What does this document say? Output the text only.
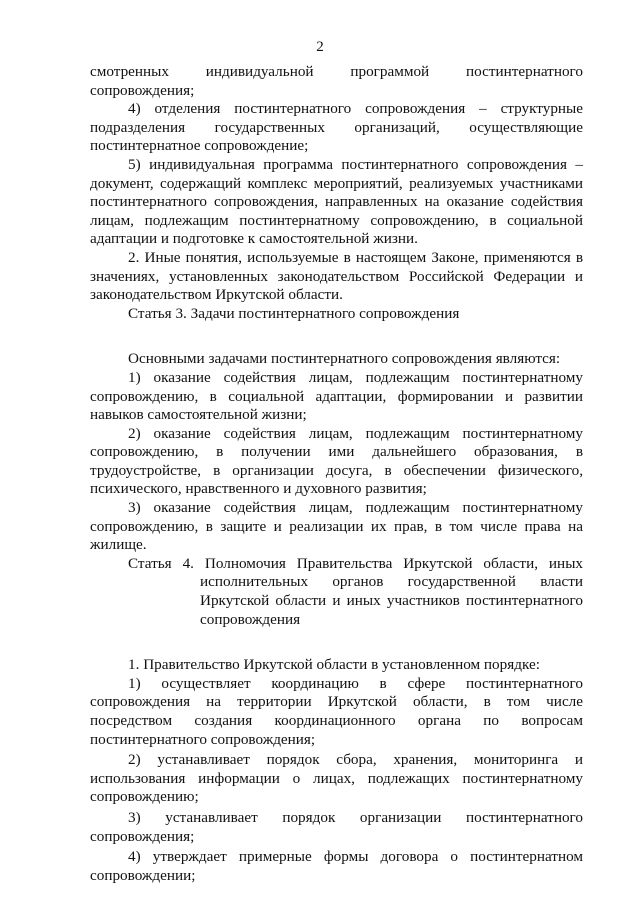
2

смотренных индивидуальной программой постинтернатного сопровождения;

4) отделения постинтернатного сопровождения – структурные подразделения государственных организаций, осуществляющие постинтернатное сопровождение;

5) индивидуальная программа постинтернатного сопровождения – документ, содержащий комплекс мероприятий, реализуемых участниками постинтернатного сопровождения, направленных на оказание содействия лицам, подлежащим постинтернатному сопровождению, в социальной адаптации и подготовке к самостоятельной жизни.

2. Иные понятия, используемые в настоящем Законе, применяются в значениях, установленных законодательством Российской Федерации и законодательством Иркутской области.

Статья 3. Задачи постинтернатного сопровождения

Основными задачами постинтернатного сопровождения являются:

1) оказание содействия лицам, подлежащим постинтернатному сопровождению, в социальной адаптации, формировании и развитии навыков самостоятельной жизни;

2) оказание содействия лицам, подлежащим постинтернатному сопровождению, в получении ими дальнейшего образования, в трудоустройстве, в организации досуга, в обеспечении физического, психического, нравственного и духовного развития;

3) оказание содействия лицам, подлежащим постинтернатному сопровождению, в защите и реализации их прав, в том числе права на жилище.

Статья 4. Полномочия Правительства Иркутской области, иных исполнительных органов государственной власти Иркутской области и иных участников постинтернатного сопровождения

1. Правительство Иркутской области в установленном порядке:

1) осуществляет координацию в сфере постинтернатного сопровождения на территории Иркутской области, в том числе посредством создания координационного органа по вопросам постинтернатного сопровождения;

2) устанавливает порядок сбора, хранения, мониторинга и использования информации о лицах, подлежащих постинтернатному сопровождению;

3) устанавливает порядок организации постинтернатного сопровождения;

4) утверждает примерные формы договора о постинтернатном сопровождении;
